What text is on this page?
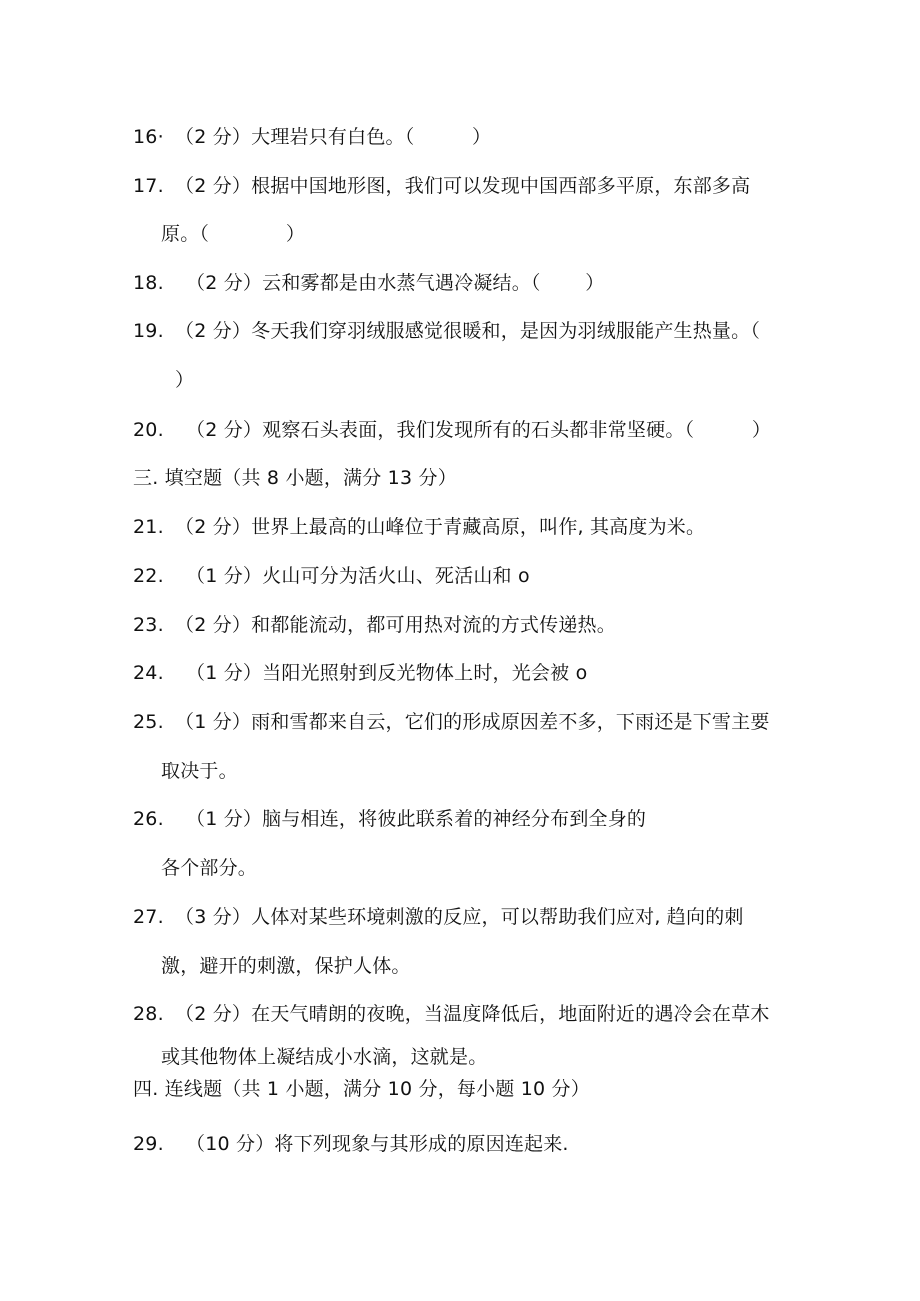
16· （2 分）大理岩只有白色。（　　　）
17. （2 分）根据中国地形图，我们可以发现中国西部多平原，东部多高
原。（　　　　）
18. （2 分）云和雾都是由水蒸气遇冷凝结。（　　 ）
19. （2 分）冬天我们穿羽绒服感觉很暖和，是因为羽绒服能产生热量。（
）
20. （2 分）观察石头表面，我们发现所有的石头都非常坚硬。（　　　）
三. 填空题（共 8 小题，满分 13 分）
21. （2 分）世界上最高的山峰位于青藏高原，叫作, 其高度为米。
22. （1 分）火山可分为活火山、死活山和 o
23. （2 分）和都能流动，都可用热对流的方式传递热。
24. （1 分）当阳光照射到反光物体上时，光会被 o
25. （1 分）雨和雪都来自云，它们的形成原因差不多，下雨还是下雪主要
取决于。
26. （1 分）脑与相连，将彼此联系着的神经分布到全身的
各个部分。
27. （3 分）人体对某些环境刺激的反应，可以帮助我们应对, 趋向的刺
激，避开的刺激，保护人体。
28. （2 分）在天气晴朗的夜晚，当温度降低后，地面附近的遇冷会在草木
或其他物体上凝结成小水滴，这就是。
四. 连线题（共 1 小题，满分 10 分，每小题 10 分）
29. （10 分）将下列现象与其形成的原因连起来.
